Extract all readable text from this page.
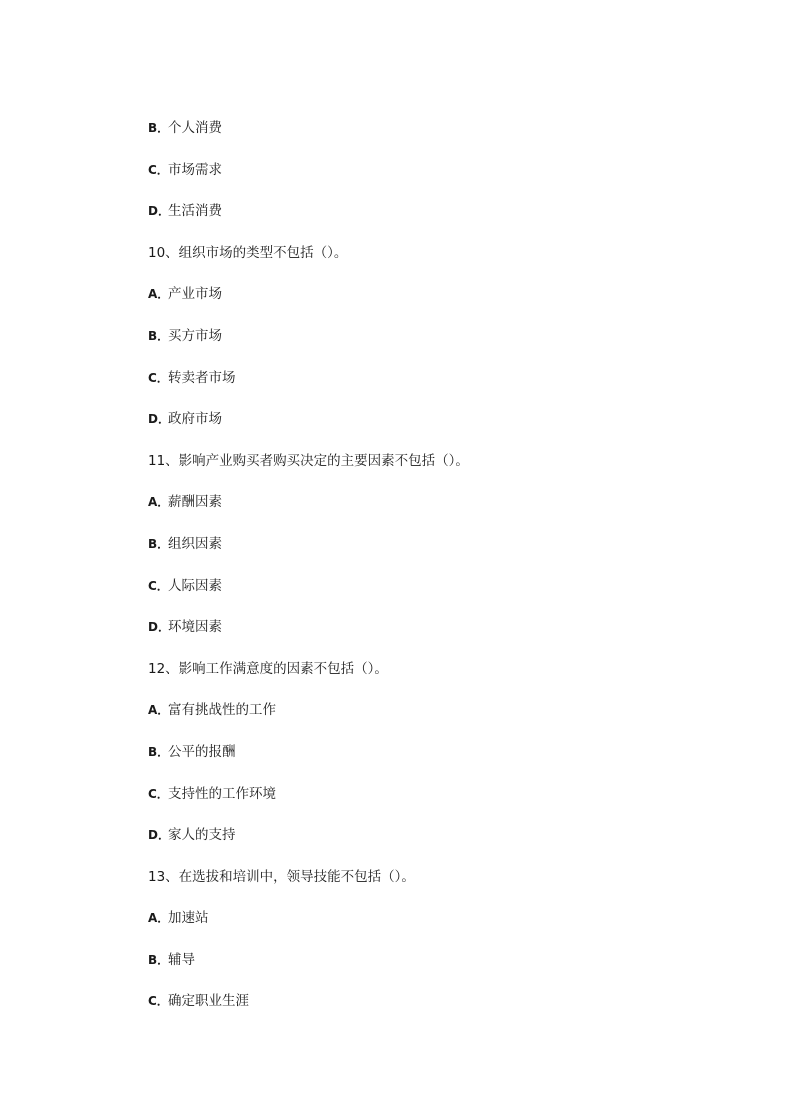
B．个人消费
C．市场需求
D．生活消费
10、组织市场的类型不包括（）。
A．产业市场
B．买方市场
C．转卖者市场
D．政府市场
11、影响产业购买者购买决定的主要因素不包括（）。
A．薪酬因素
B．组织因素
C．人际因素
D．环境因素
12、影响工作满意度的因素不包括（）。
A．富有挑战性的工作
B．公平的报酬
C．支持性的工作环境
D．家人的支持
13、在选拔和培训中，领导技能不包括（）。
A．加速站
B．辅导
C．确定职业生涯
